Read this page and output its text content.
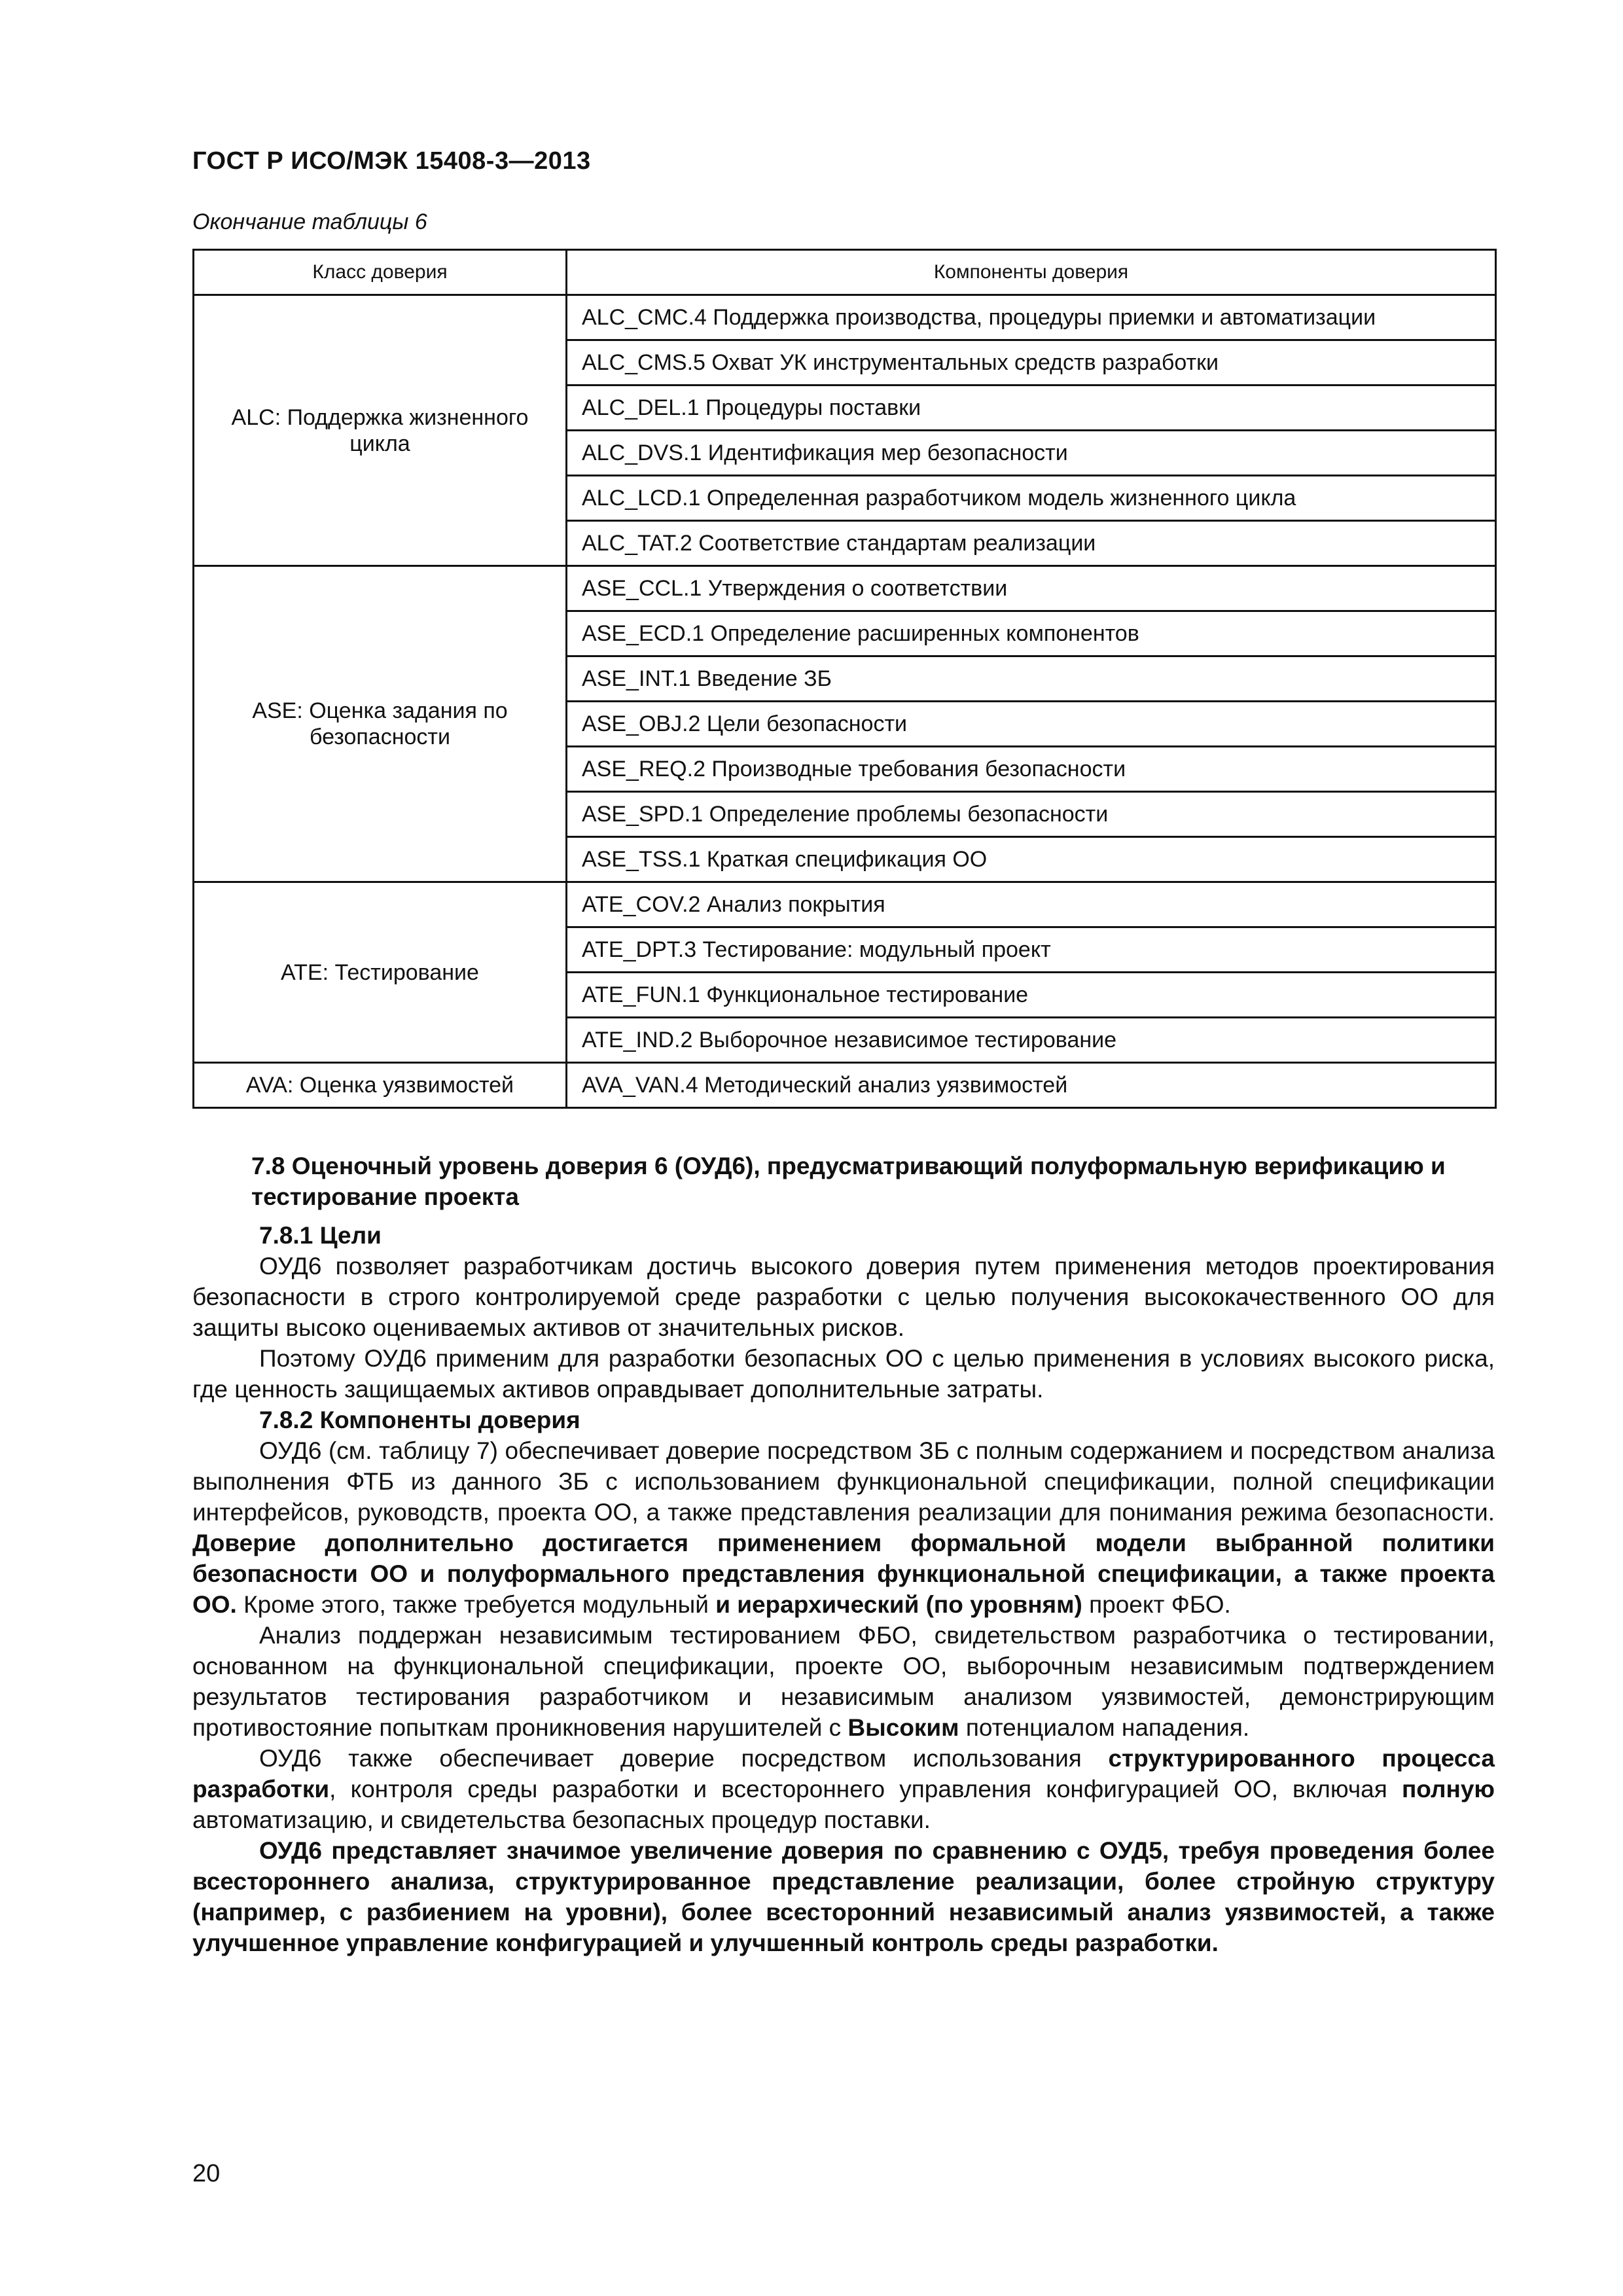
ГОСТ Р ИСО/МЭК 15408-3—2013
Окончание таблицы 6
Класс доверия	Компоненты доверия
ALC: Поддержка жизненного цикла	ALC_CMC.4 Поддержка производства, процедуры приемки и автоматизации
	ALC_CMS.5 Охват УК инструментальных средств разработки
	ALC_DEL.1 Процедуры поставки
	ALC_DVS.1 Идентификация мер безопасности
	ALC_LCD.1 Определенная разработчиком модель жизненного цикла
	ALC_TAT.2 Соответствие стандартам реализации
ASE: Оценка задания по безопасности	ASE_CCL.1 Утверждения о соответствии
	ASE_ECD.1 Определение расширенных компонентов
	ASE_INT.1 Введение ЗБ
	ASE_OBJ.2 Цели безопасности
	ASE_REQ.2 Производные требования безопасности
	ASE_SPD.1 Определение проблемы безопасности
	ASE_TSS.1 Краткая спецификация ОО
ATE: Тестирование	ATE_COV.2 Анализ покрытия
	ATE_DPT.3 Тестирование: модульный проект
	ATE_FUN.1 Функциональное тестирование
	ATE_IND.2 Выборочное независимое тестирование
AVA: Оценка уязвимостей	AVA_VAN.4 Методический анализ уязвимостей
7.8 Оценочный уровень доверия 6 (ОУД6), предусматривающий полуформальную верификацию и тестирование проекта
7.8.1 Цели

ОУД6 позволяет разработчикам достичь высокого доверия путем применения методов проектирования безопасности в строго контролируемой среде разработки с целью получения высококачественного ОО для защиты высоко оцениваемых активов от значительных рисков.

Поэтому ОУД6 применим для разработки безопасных ОО с целью применения в условиях высокого риска, где ценность защищаемых активов оправдывает дополнительные затраты.

7.8.2 Компоненты доверия

ОУД6 (см. таблицу 7) обеспечивает доверие посредством ЗБ с полным содержанием и посредством анализа выполнения ФТБ из данного ЗБ с использованием функциональной спецификации, полной спецификации интерфейсов, руководств, проекта ОО, а также представления реализации для понимания режима безопасности. Доверие дополнительно достигается применением формальной модели выбранной политики безопасности ОО и полуформального представления функциональной спецификации, а также проекта ОО. Кроме этого, также требуется модульный и иерархический (по уровням) проект ФБО.

Анализ поддержан независимым тестированием ФБО, свидетельством разработчика о тестировании, основанном на функциональной спецификации, проекте ОО, выборочным независимым подтверждением результатов тестирования разработчиком и независимым анализом уязвимостей, демонстрирующим противостояние попыткам проникновения нарушителей с Высоким потенциалом нападения.

ОУД6 также обеспечивает доверие посредством использования структурированного процесса разработки, контроля среды разработки и всестороннего управления конфигурацией ОО, включая полную автоматизацию, и свидетельства безопасных процедур поставки.

ОУД6 представляет значимое увеличение доверия по сравнению с ОУД5, требуя проведения более всестороннего анализа, структурированное представление реализации, более стройную структуру (например, с разбиением на уровни), более всесторонний независимый анализ уязвимостей, а также улучшенное управление конфигурацией и улучшенный контроль среды разработки.

20
